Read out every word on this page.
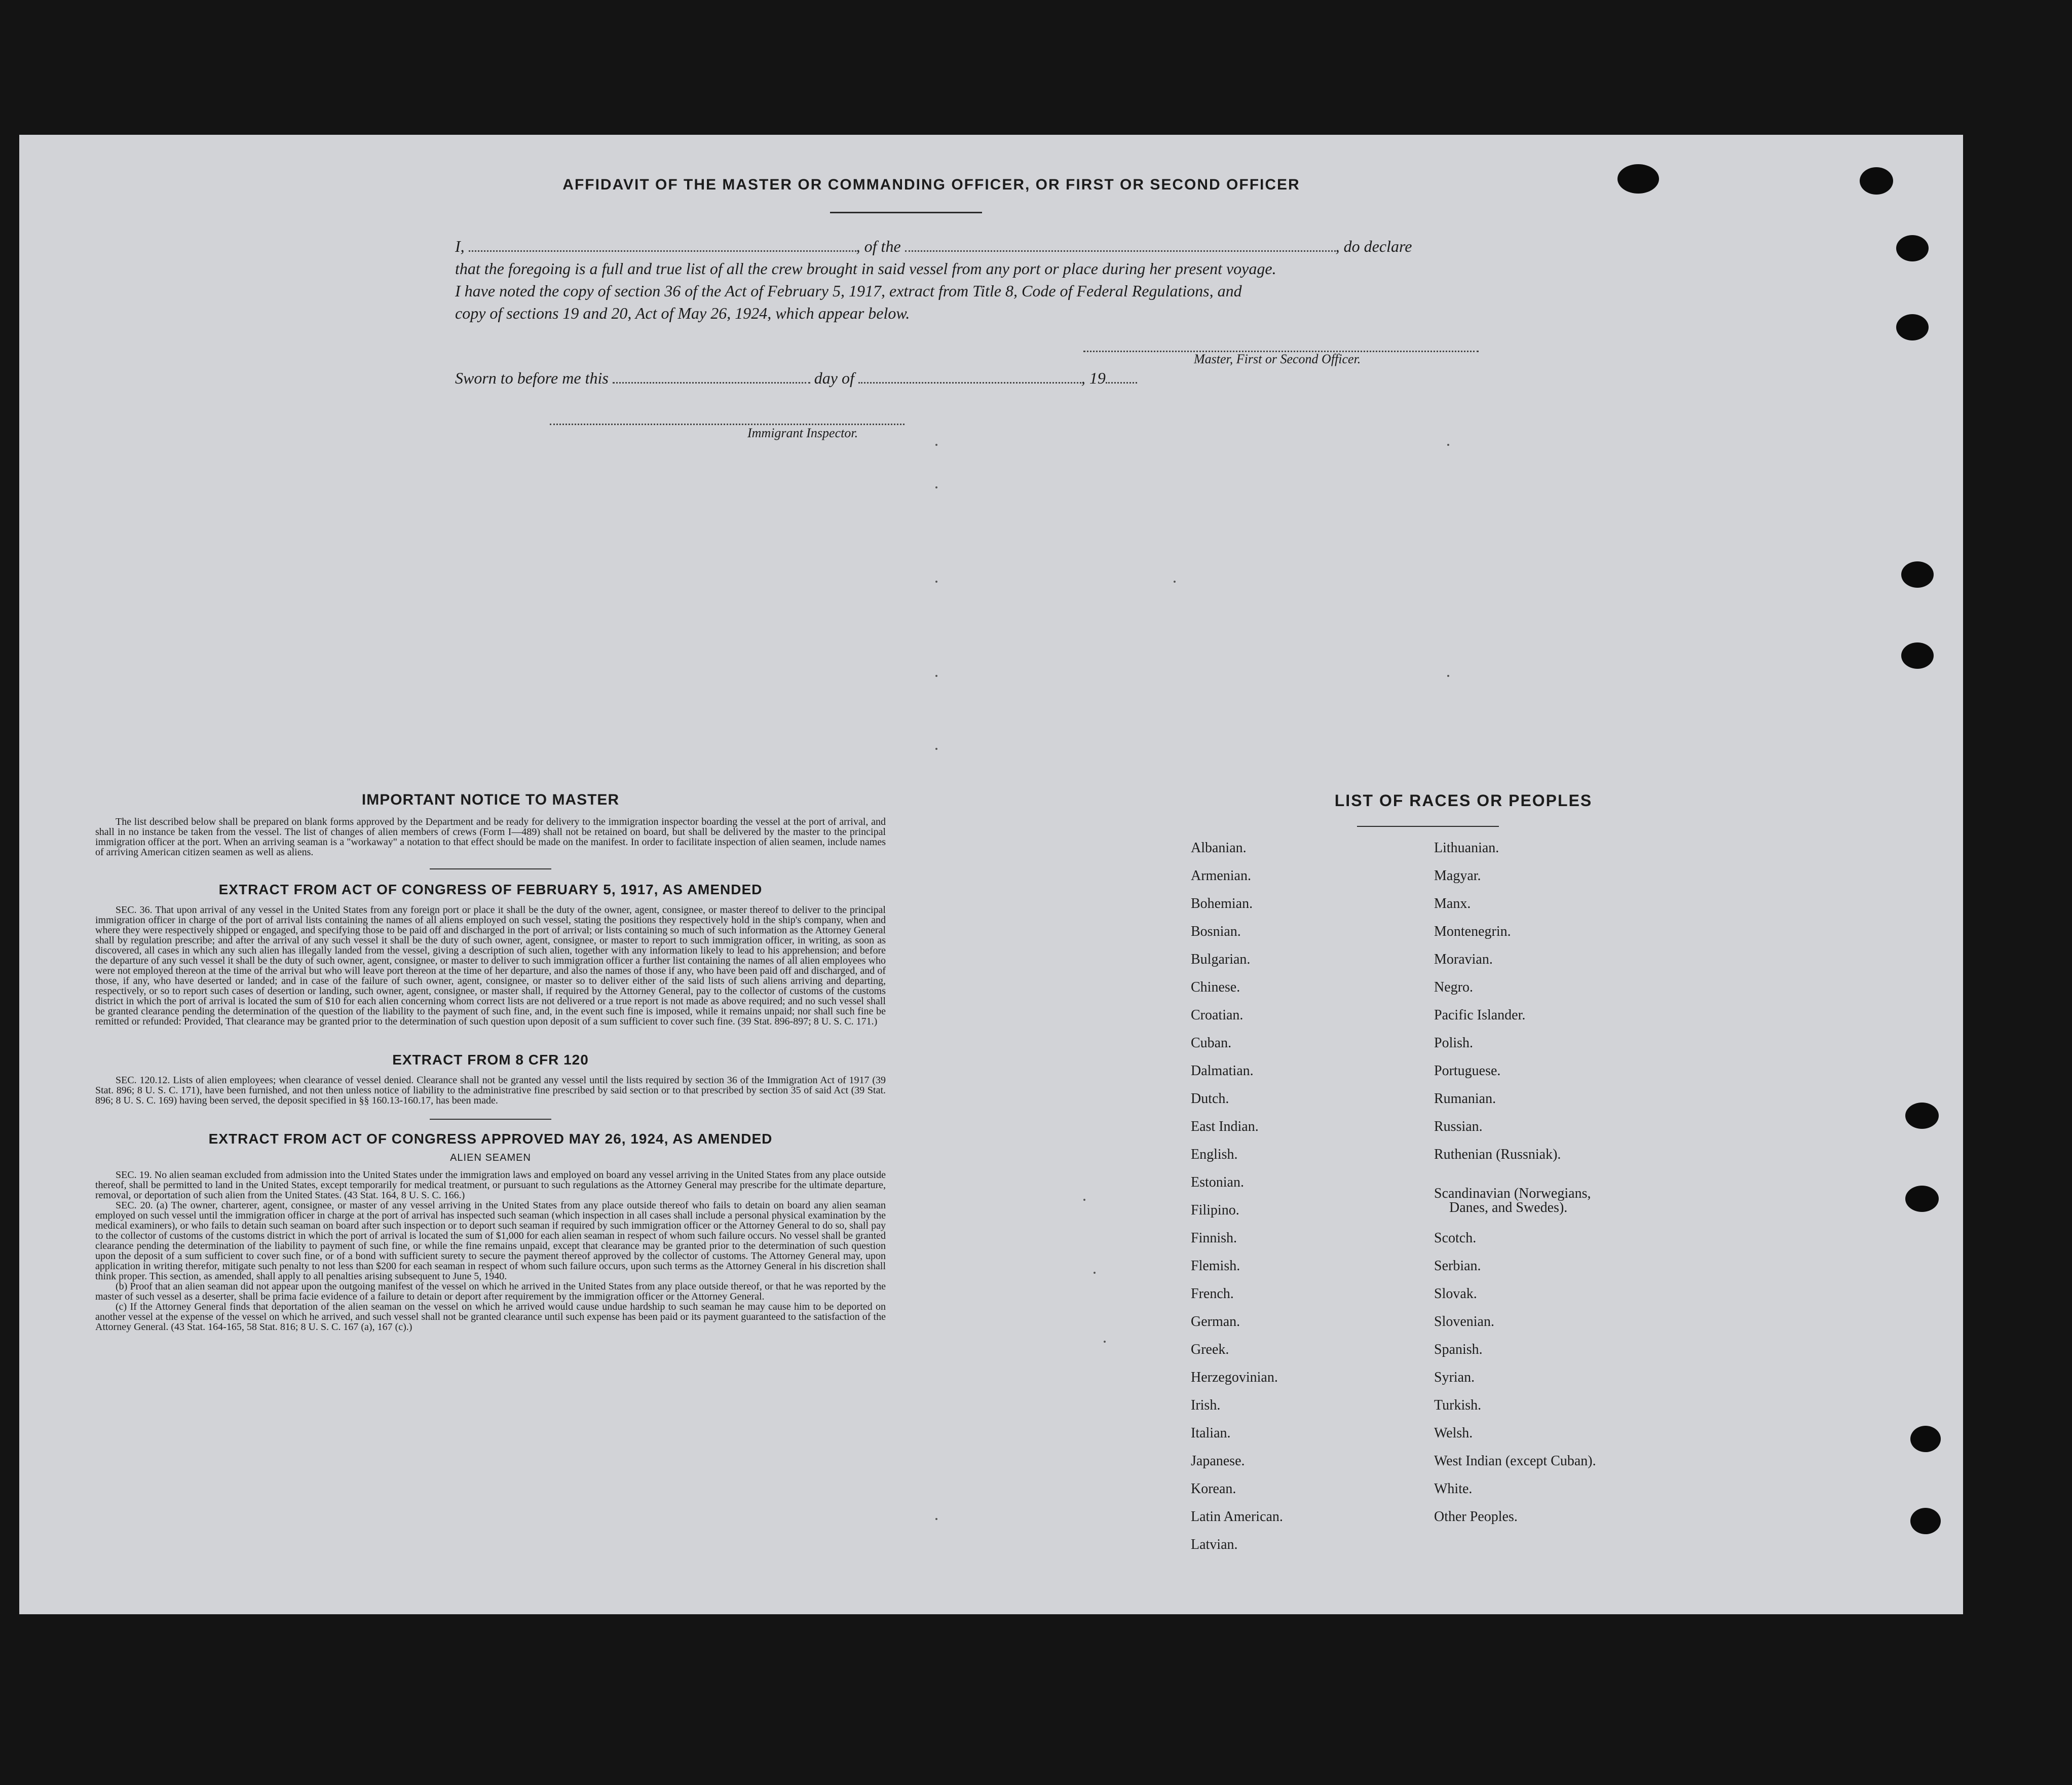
AFFIDAVIT OF THE MASTER OR COMMANDING OFFICER, OR FIRST OR SECOND OFFICER
I,	, of the	, do declare
that the foregoing is a full and true list of all the crew brought in said vessel from any port or place during her present voyage.
I have noted the copy of section 36 of the Act of February 5, 1917, extract from Title 8, Code of Federal Regulations, and
copy of sections 19 and 20, Act of May 26, 1924, which appear below.
Master, First or Second Officer.
Sworn to before me this	day of	, 19
Immigrant Inspector.
IMPORTANT NOTICE TO MASTER

The list described below shall be prepared on blank forms approved by the Department and be ready for delivery to the immigration inspector boarding the vessel at the port of arrival, and shall in no instance be taken from the vessel. The list of changes of alien members of crews (Form I—489) shall not be retained on board, but shall be delivered by the master to the principal immigration officer at the port. When an arriving seaman is a "workaway" a notation to that effect should be made on the manifest. In order to facilitate inspection of alien seamen, include names of arriving American citizen seamen as well as aliens.

EXTRACT FROM ACT OF CONGRESS OF FEBRUARY 5, 1917, AS AMENDED

SEC. 36. That upon arrival of any vessel in the United States from any foreign port or place it shall be the duty of the owner, agent, consignee, or master thereof to deliver to the principal immigration officer in charge of the port of arrival lists containing the names of all aliens employed on such vessel, stating the positions they respectively hold in the ship's company, when and where they were respectively shipped or engaged, and specifying those to be paid off and discharged in the port of arrival; or lists containing so much of such information as the Attorney General shall by regulation prescribe; and after the arrival of any such vessel it shall be the duty of such owner, agent, consignee, or master to report to such immigration officer, in writing, as soon as discovered, all cases in which any such alien has illegally landed from the vessel, giving a description of such alien, together with any information likely to lead to his apprehension; and before the departure of any such vessel it shall be the duty of such owner, agent, consignee, or master to deliver to such immigration officer a further list containing the names of all alien employees who were not employed thereon at the time of the arrival but who will leave port thereon at the time of her departure, and also the names of those if any, who have been paid off and discharged, and of those, if any, who have deserted or landed; and in case of the failure of such owner, agent, consignee, or master so to deliver either of the said lists of such aliens arriving and departing, respectively, or so to report such cases of desertion or landing, such owner, agent, consignee, or master shall, if required by the Attorney General, pay to the collector of customs of the customs district in which the port of arrival is located the sum of $10 for each alien concerning whom correct lists are not delivered or a true report is not made as above required; and no such vessel shall be granted clearance pending the determination of the question of the liability to the payment of such fine, and, in the event such fine is imposed, while it remains unpaid; nor shall such fine be remitted or refunded: Provided, That clearance may be granted prior to the determination of such question upon deposit of a sum sufficient to cover such fine. (39 Stat. 896-897; 8 U. S. C. 171.)

EXTRACT FROM 8 CFR 120

SEC. 120.12. Lists of alien employees; when clearance of vessel denied. Clearance shall not be granted any vessel until the lists required by section 36 of the Immigration Act of 1917 (39 Stat. 896; 8 U. S. C. 171), have been furnished, and not then unless notice of liability to the administrative fine prescribed by said section or to that prescribed by section 35 of said Act (39 Stat. 896; 8 U. S. C. 169) having been served, the deposit specified in §§ 160.13-160.17, has been made.

EXTRACT FROM ACT OF CONGRESS APPROVED MAY 26, 1924, AS AMENDED
ALIEN SEAMEN

SEC. 19. No alien seaman excluded from admission into the United States under the immigration laws and employed on board any vessel arriving in the United States from any place outside thereof, shall be permitted to land in the United States, except temporarily for medical treatment, or pursuant to such regulations as the Attorney General may prescribe for the ultimate departure, removal, or deportation of such alien from the United States. (43 Stat. 164, 8 U. S. C. 166.)

SEC. 20. (a) The owner, charterer, agent, consignee, or master of any vessel arriving in the United States from any place outside thereof who fails to detain on board any alien seaman employed on such vessel until the immigration officer in charge at the port of arrival has inspected such seaman (which inspection in all cases shall include a personal physical examination by the medical examiners), or who fails to detain such seaman on board after such inspection or to deport such seaman if required by such immigration officer or the Attorney General to do so, shall pay to the collector of customs of the customs district in which the port of arrival is located the sum of $1,000 for each alien seaman in respect of whom such failure occurs. No vessel shall be granted clearance pending the determination of the liability to payment of such fine, or while the fine remains unpaid, except that clearance may be granted prior to the determination of such question upon the deposit of a sum sufficient to cover such fine, or of a bond with sufficient surety to secure the payment thereof approved by the collector of customs. The Attorney General may, upon application in writing therefor, mitigate such penalty to not less than $200 for each seaman in respect of whom such failure occurs, upon such terms as the Attorney General in his discretion shall think proper. This section, as amended, shall apply to all penalties arising subsequent to June 5, 1940.

(b) Proof that an alien seaman did not appear upon the outgoing manifest of the vessel on which he arrived in the United States from any place outside thereof, or that he was reported by the master of such vessel as a deserter, shall be prima facie evidence of a failure to detain or deport after requirement by the immigration officer or the Attorney General.

(c) If the Attorney General finds that deportation of the alien seaman on the vessel on which he arrived would cause undue hardship to such seaman he may cause him to be deported on another vessel at the expense of the vessel on which he arrived, and such vessel shall not be granted clearance until such expense has been paid or its payment guaranteed to the satisfaction of the Attorney General. (43 Stat. 164-165, 58 Stat. 816; 8 U. S. C. 167 (a), 167 (c).)

LIST OF RACES OR PEOPLES
Albanian.
Armenian.
Bohemian.
Bosnian.
Bulgarian.
Chinese.
Croatian.
Cuban.
Dalmatian.
Dutch.
East Indian.
English.
Estonian.
Filipino.
Finnish.
Flemish.
French.
German.
Greek.
Herzegovinian.
Irish.
Italian.
Japanese.
Korean.
Latin American.
Latvian.
Lithuanian.
Magyar.
Manx.
Montenegrin.
Moravian.
Negro.
Pacific Islander.
Polish.
Portuguese.
Rumanian.
Russian.
Ruthenian (Russniak).
Scandinavian (Norwegians,
Danes, and Swedes).
Scotch.
Serbian.
Slovak.
Slovenian.
Spanish.
Syrian.
Turkish.
Welsh.
West Indian (except Cuban).
White.
Other Peoples.
